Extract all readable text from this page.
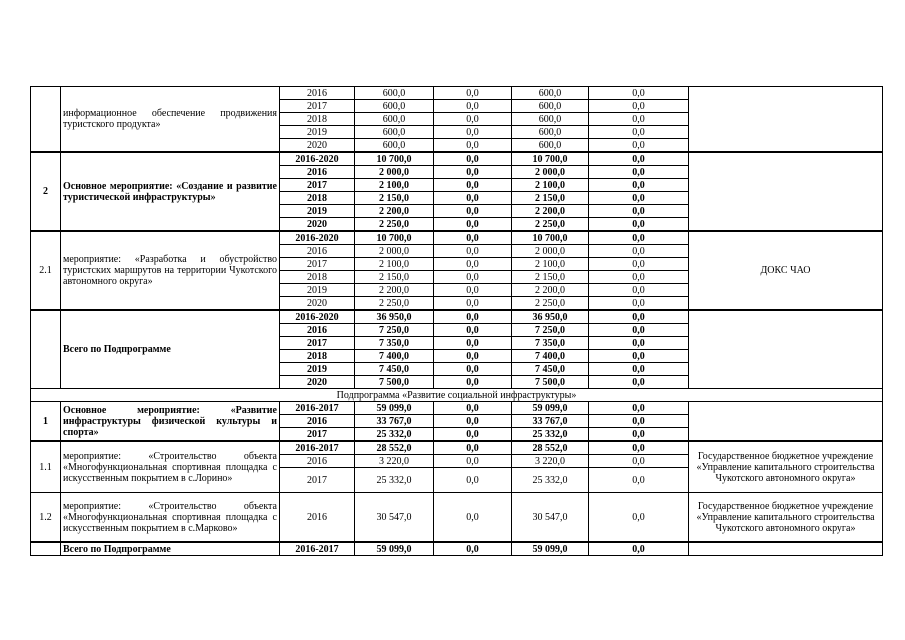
	информационное обеспечение продвижения туристского продукта»	2016	600,0	0,0	600,0	0,0	
		2017	600,0	0,0	600,0	0,0	
		2018	600,0	0,0	600,0	0,0	
		2019	600,0	0,0	600,0	0,0	
		2020	600,0	0,0	600,0	0,0	
2	Основное мероприятие: «Создание и развитие туристической инфраструктуры»	2016-2020	10 700,0	0,0	10 700,0	0,0	
		2016	2 000,0	0,0	2 000,0	0,0	
		2017	2 100,0	0,0	2 100,0	0,0	
		2018	2 150,0	0,0	2 150,0	0,0	
		2019	2 200,0	0,0	2 200,0	0,0	
		2020	2 250,0	0,0	2 250,0	0,0	
2.1	мероприятие: «Разработка и обустройство туристских маршрутов на территории Чукотского автономного округа»	2016-2020	10 700,0	0,0	10 700,0	0,0	ДОКС ЧАО
		2016	2 000,0	0,0	2 000,0	0,0	
		2017	2 100,0	0,0	2 100,0	0,0	
		2018	2 150,0	0,0	2 150,0	0,0	
		2019	2 200,0	0,0	2 200,0	0,0	
		2020	2 250,0	0,0	2 250,0	0,0	
	Всего по Подпрограмме	2016-2020	36 950,0	0,0	36 950,0	0,0	
		2016	7 250,0	0,0	7 250,0	0,0	
		2017	7 350,0	0,0	7 350,0	0,0	
		2018	7 400,0	0,0	7 400,0	0,0	
		2019	7 450,0	0,0	7 450,0	0,0	
		2020	7 500,0	0,0	7 500,0	0,0	
Подпрограмма «Развитие социальной инфраструктуры»							
1	Основное мероприятие: «Развитие инфраструктуры физической культуры и спорта»	2016-2017	59 099,0	0,0	59 099,0	0,0	
		2016	33 767,0	0,0	33 767,0	0,0	
		2017	25 332,0	0,0	25 332,0	0,0	
1.1	мероприятие: «Строительство объекта «Многофункциональная спортивная площадка с искусственным покрытием в с.Лорино»	2016-2017	28 552,0	0,0	28 552,0	0,0	Государственное бюджетное учреждение «Управление капитального строительства Чукотского автономного округа»
		2016	3 220,0	0,0	3 220,0	0,0	
		2017	25 332,0	0,0	25 332,0	0,0	
1.2	мероприятие: «Строительство объекта «Многофункциональная спортивная площадка с искусственным покрытием в с.Марково»	2016	30 547,0	0,0	30 547,0	0,0	Государственное бюджетное учреждение «Управление капитального строительства Чукотского автономного округа»
	Всего по Подпрограмме	2016-2017	59 099,0	0,0	59 099,0	0,0	
